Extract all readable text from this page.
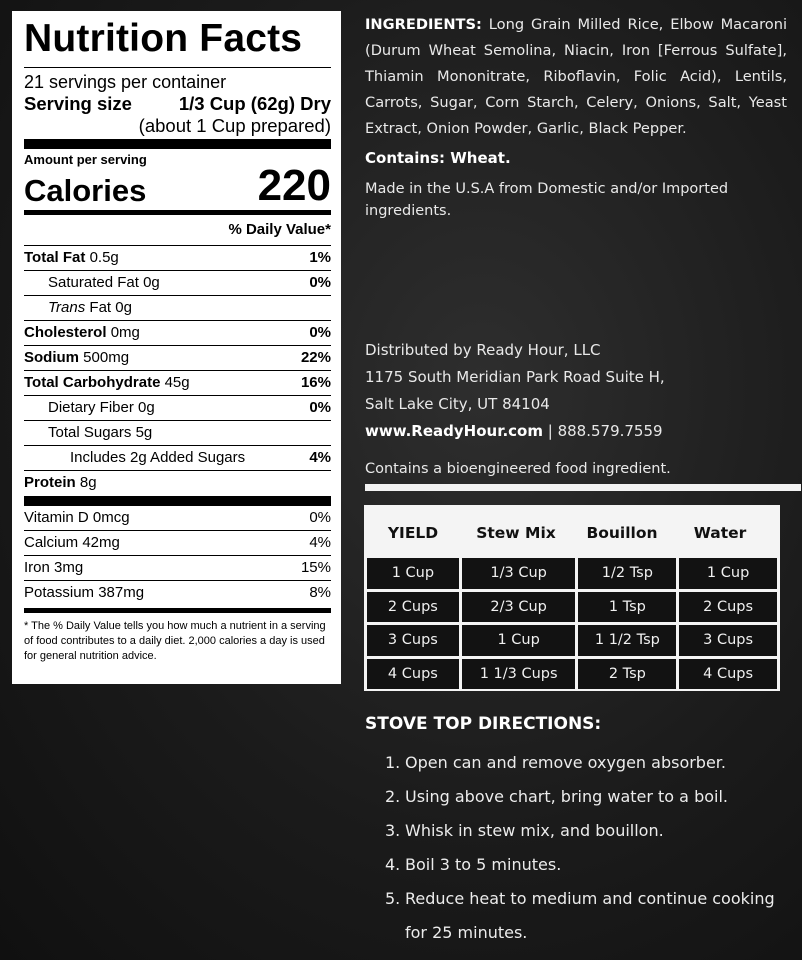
Nutrition Facts
21 servings per container
Serving size	1/3 Cup (62g) Dry
(about 1 Cup prepared)
Amount per serving
Calories	220
% Daily Value*
Total Fat 0.5g	1%
Saturated Fat 0g	0%
Trans Fat 0g
Cholesterol 0mg	0%
Sodium 500mg	22%
Total Carbohydrate 45g	16%
Dietary Fiber 0g	0%
Total Sugars 5g
Includes 2g Added Sugars	4%
Protein 8g
Vitamin D 0mcg	0%
Calcium 42mg	4%
Iron 3mg	15%
Potassium 387mg	8%
* The % Daily Value tells you how much a nutrient in a serving of food contributes to a daily diet. 2,000 calories a day is used for general nutrition advice.
INGREDIENTS: Long Grain Milled Rice, Elbow Macaroni (Durum Wheat Semolina, Niacin, Iron [Ferrous Sulfate], Thiamin Mononitrate, Riboflavin, Folic Acid), Lentils, Carrots, Sugar, Corn Starch, Celery, Onions, Salt, Yeast Extract, Onion Powder, Garlic, Black Pepper.
Contains: Wheat.
Made in the U.S.A from Domestic and/or Imported ingredients.
Distributed by Ready Hour, LLC
1175 South Meridian Park Road Suite H,
Salt Lake City, UT 84104
www.ReadyHour.com | 888.579.7559
Contains a bioengineered food ingredient.
YIELD	Stew Mix	Bouillon	Water
1 Cup	1/3 Cup	1/2 Tsp	1 Cup
2 Cups	2/3 Cup	1 Tsp	2 Cups
3 Cups	1 Cup	1 1/2 Tsp	3 Cups
4 Cups	1 1/3 Cups	2 Tsp	4 Cups
STOVE TOP DIRECTIONS:
1. Open can and remove oxygen absorber.
2. Using above chart, bring water to a boil.
3. Whisk in stew mix, and bouillon.
4. Boil 3 to 5 minutes.
5. Reduce heat to medium and continue cooking for 25 minutes.
